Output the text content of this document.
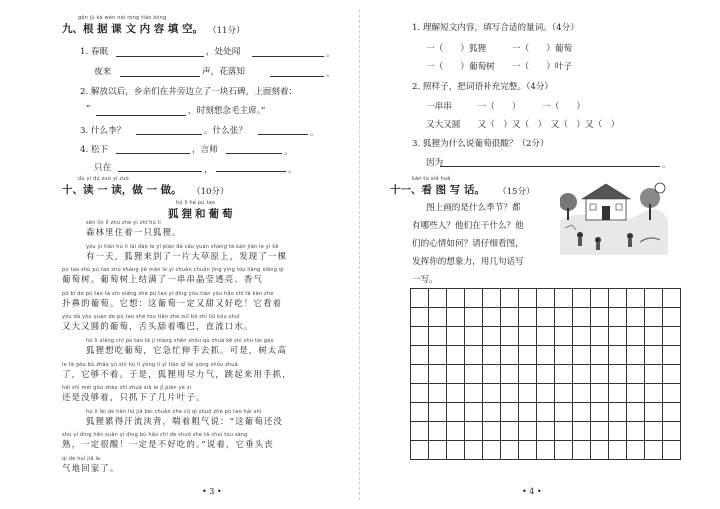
gēn jù kè wén nèi róng tián kòng
九、根 据 课 文 内 容 填 空。 （11分）
1. 春眠	，处处闻	。
夜来	声，花落知	。
2. 解放以后，乡亲们在井旁边立了一块石碑，上面刻着：
“	，时刻想念毛主席。”
3. 什么李？	。什么张？	。
4. 松下	，言师	。
只在	，	。
dú yi dú zuò yi zuò
十、读 一 读，做 一 做。 （10分）
hú li hé pú tao
狐狸和葡萄
sēn lín lǐ zhù zhe yì zhī hú li
森林里住着一只狐狸。
yǒu yì tiān hú li lái dào le yí piàn dà cǎo yuán shàng tā kàn jiàn le yì kē
有一天，狐狸来到了一片大草原上，发现了一棵
pú tao shù pú tao shù shàng jiē mǎn le yí chuàn chuàn jīng yíng tòu liàng xiāng qì
葡萄树。葡萄树上结满了一串串晶莹透亮、香气
pū bí de pú tao tā xīn xiǎng zhè pú tao yí dìng yòu tián yòu hǎo chī tā kàn zhe
扑鼻的葡萄。它想：这葡萄一定又甜又好吃！它看着
yòu dà yòu yuán de pú tao shé tou tiǎn zhe zuǐ bā zhí liú kǒu shuǐ
又大又圆的葡萄，舌头舔着嘴巴，直流口水。
hú li xiǎng chī pú tao tā jí máng shēn shǒu qù zhuā kě shì shù tài gāo
狐狸想吃葡萄，它急忙伸手去抓。可是，树太高
le tā gòu bù zháo yú shì hú li yòng lì yì tiào qǐ lái yòng shǒu zhuā
了，它够不着。于是，狐狸用尽力气，跳起来用手抓，
hái shì méi gòu zháo zhǐ zhuā xià le jǐ piàn yè zi
还是没够着，只抓下了几片叶子。
hú li lèi de hàn liú jiā bèi chuǎn zhe cū qì shuō zhè pú tao hái shì
狐狸累得汗流浃背，喘着粗气说：“这葡萄还没
shú yí dìng hěn suān yí dìng bù hǎo chī de shuō zhe tā chuí tóu sàng
熟，一定很酸！一定是不好吃的。”说着，它垂头丧
qì de huí jiā le
气地回家了。
• 3 •
1. 理解短文内容，填写合适的量词。（4分）
一（　　）狐狸　　　一（　　）葡萄
一（　　）葡萄树　　一（　　）叶子
2. 照样子，把词语补充完整。（4分）
一串串　　　一（　　）　　　一（　　）
又大又圆　　又（　）又（　）　又（　）又（　）
3. 狐狸为什么说葡萄很酸？（2分）
因为	。
kàn tú xiě huà
十一、看 图 写 话。 （15分）
图上画的是什么季节？都
有哪些人？他们在干什么？他
们的心情如何？请仔细看图，
发挥你的想象力，用几句话写
一写。
• 4 •
